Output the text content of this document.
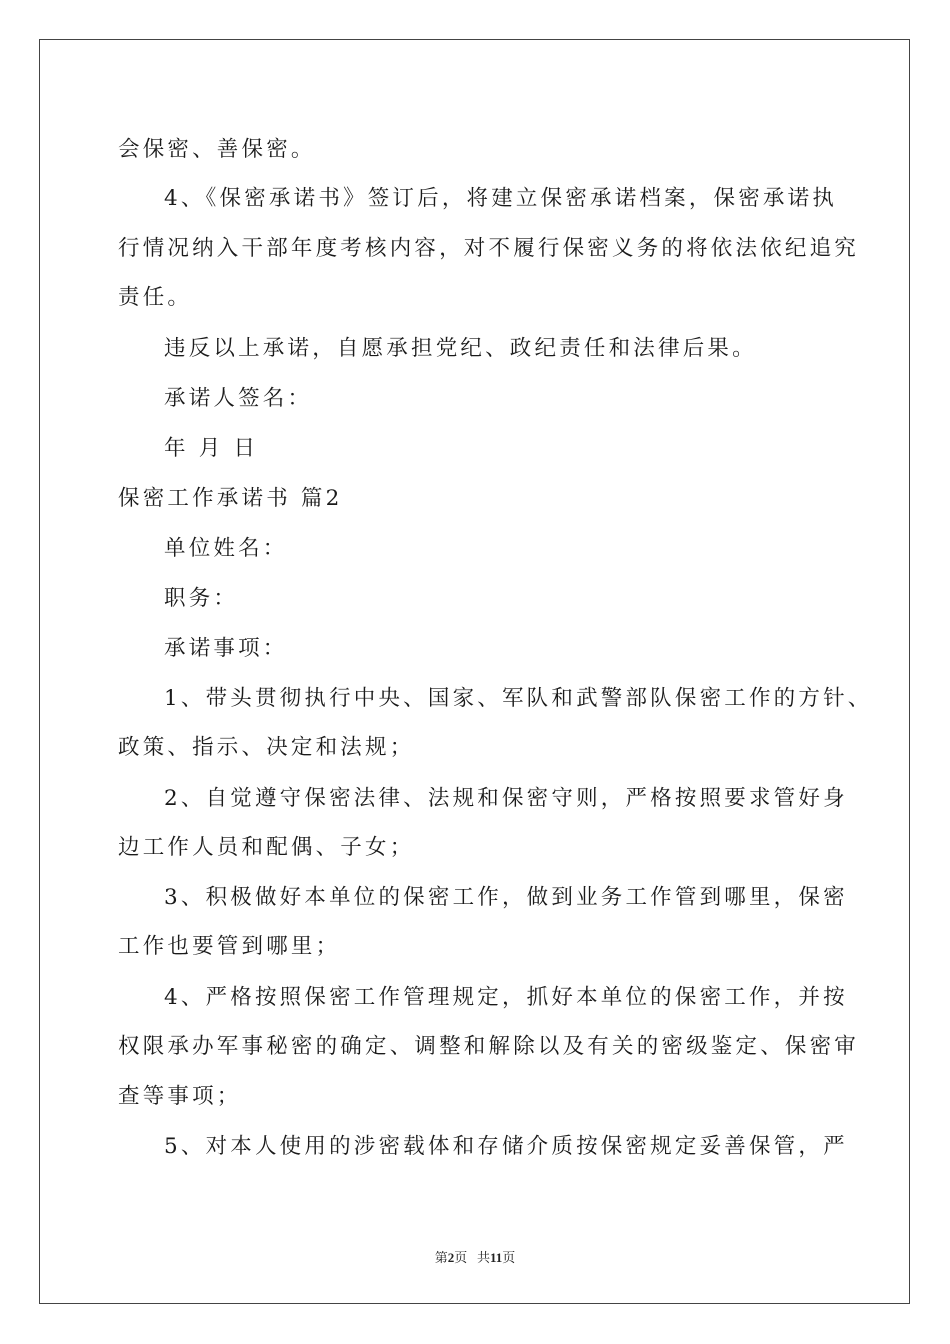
会保密、善保密。
4、《保密承诺书》签订后，将建立保密承诺档案，保密承诺执
行情况纳入干部年度考核内容，对不履行保密义务的将依法依纪追究
责任。
违反以上承诺，自愿承担党纪、政纪责任和法律后果。
承诺人签名：
年 月 日
保密工作承诺书 篇2
单位姓名：
职务：
承诺事项：
1、带头贯彻执行中央、国家、军队和武警部队保密工作的方针、
政策、指示、决定和法规；
2、自觉遵守保密法律、法规和保密守则，严格按照要求管好身
边工作人员和配偶、子女；
3、积极做好本单位的保密工作，做到业务工作管到哪里，保密
工作也要管到哪里；
4、严格按照保密工作管理规定，抓好本单位的保密工作，并按
权限承办军事秘密的确定、调整和解除以及有关的密级鉴定、保密审
查等事项；
5、对本人使用的涉密载体和存储介质按保密规定妥善保管，严
第2页 共11页
